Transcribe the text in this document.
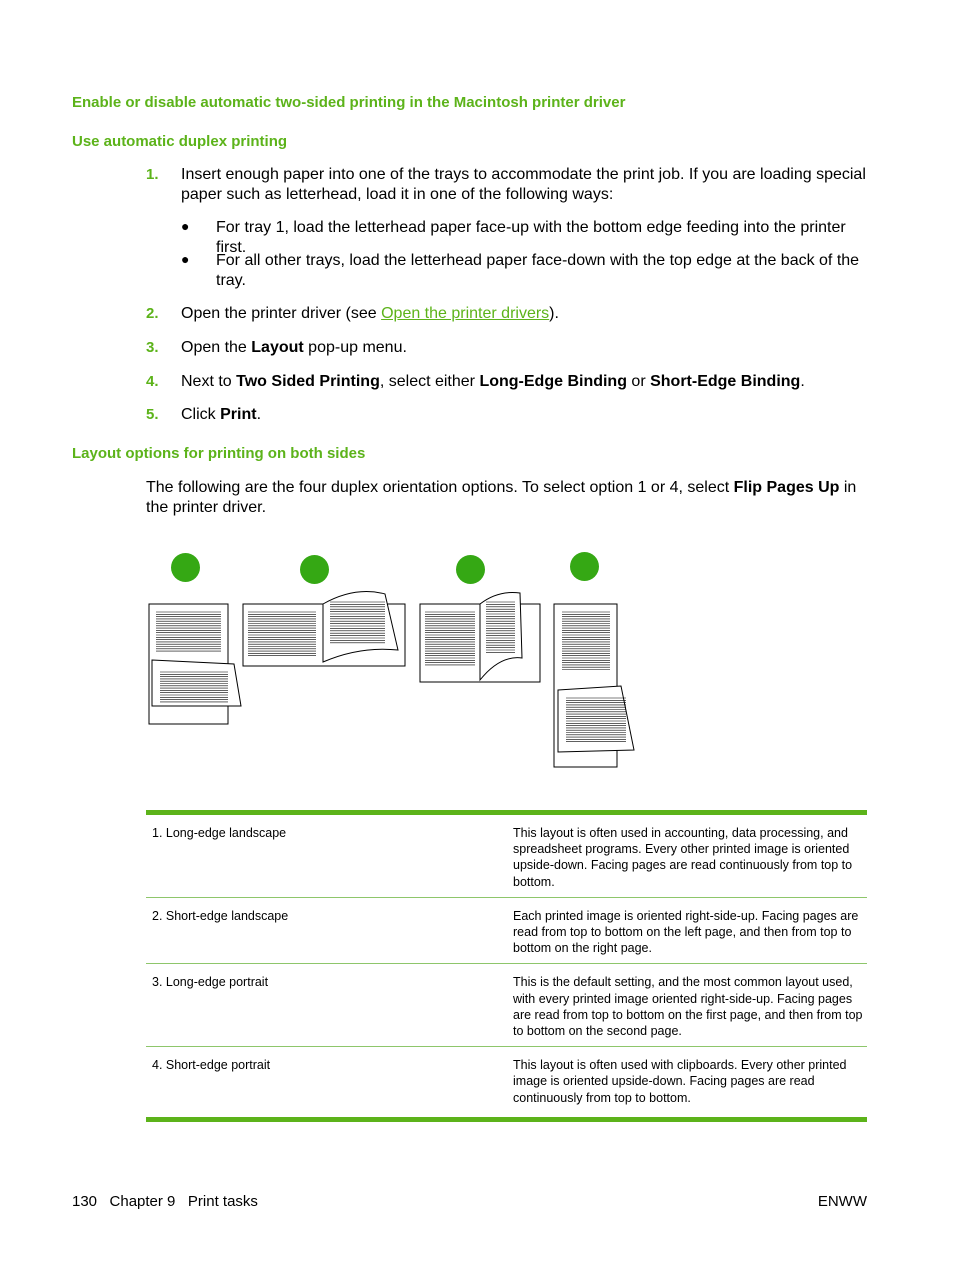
Enable or disable automatic two-sided printing in the Macintosh printer driver
Use automatic duplex printing
1. Insert enough paper into one of the trays to accommodate the print job. If you are loading special paper such as letterhead, load it in one of the following ways:
● For tray 1, load the letterhead paper face-up with the bottom edge feeding into the printer first.
● For all other trays, load the letterhead paper face-down with the top edge at the back of the tray.
2. Open the printer driver (see Open the printer drivers).
3. Open the Layout pop-up menu.
4. Next to Two Sided Printing, select either Long-Edge Binding or Short-Edge Binding.
5. Click Print.
Layout options for printing on both sides
The following are the four duplex orientation options. To select option 1 or 4, select Flip Pages Up in the printer driver.
1. Long-edge landscape	This layout is often used in accounting, data processing, and spreadsheet programs. Every other printed image is oriented upside-down. Facing pages are read continuously from top to bottom.
2. Short-edge landscape	Each printed image is oriented right-side-up. Facing pages are read from top to bottom on the left page, and then from top to bottom on the right page.
3. Long-edge portrait	This is the default setting, and the most common layout used, with every printed image oriented right-side-up. Facing pages are read from top to bottom on the first page, and then from top to bottom on the second page.
4. Short-edge portrait	This layout is often used with clipboards. Every other printed image is oriented upside-down. Facing pages are read continuously from top to bottom.
130   Chapter 9   Print tasks	ENWW
